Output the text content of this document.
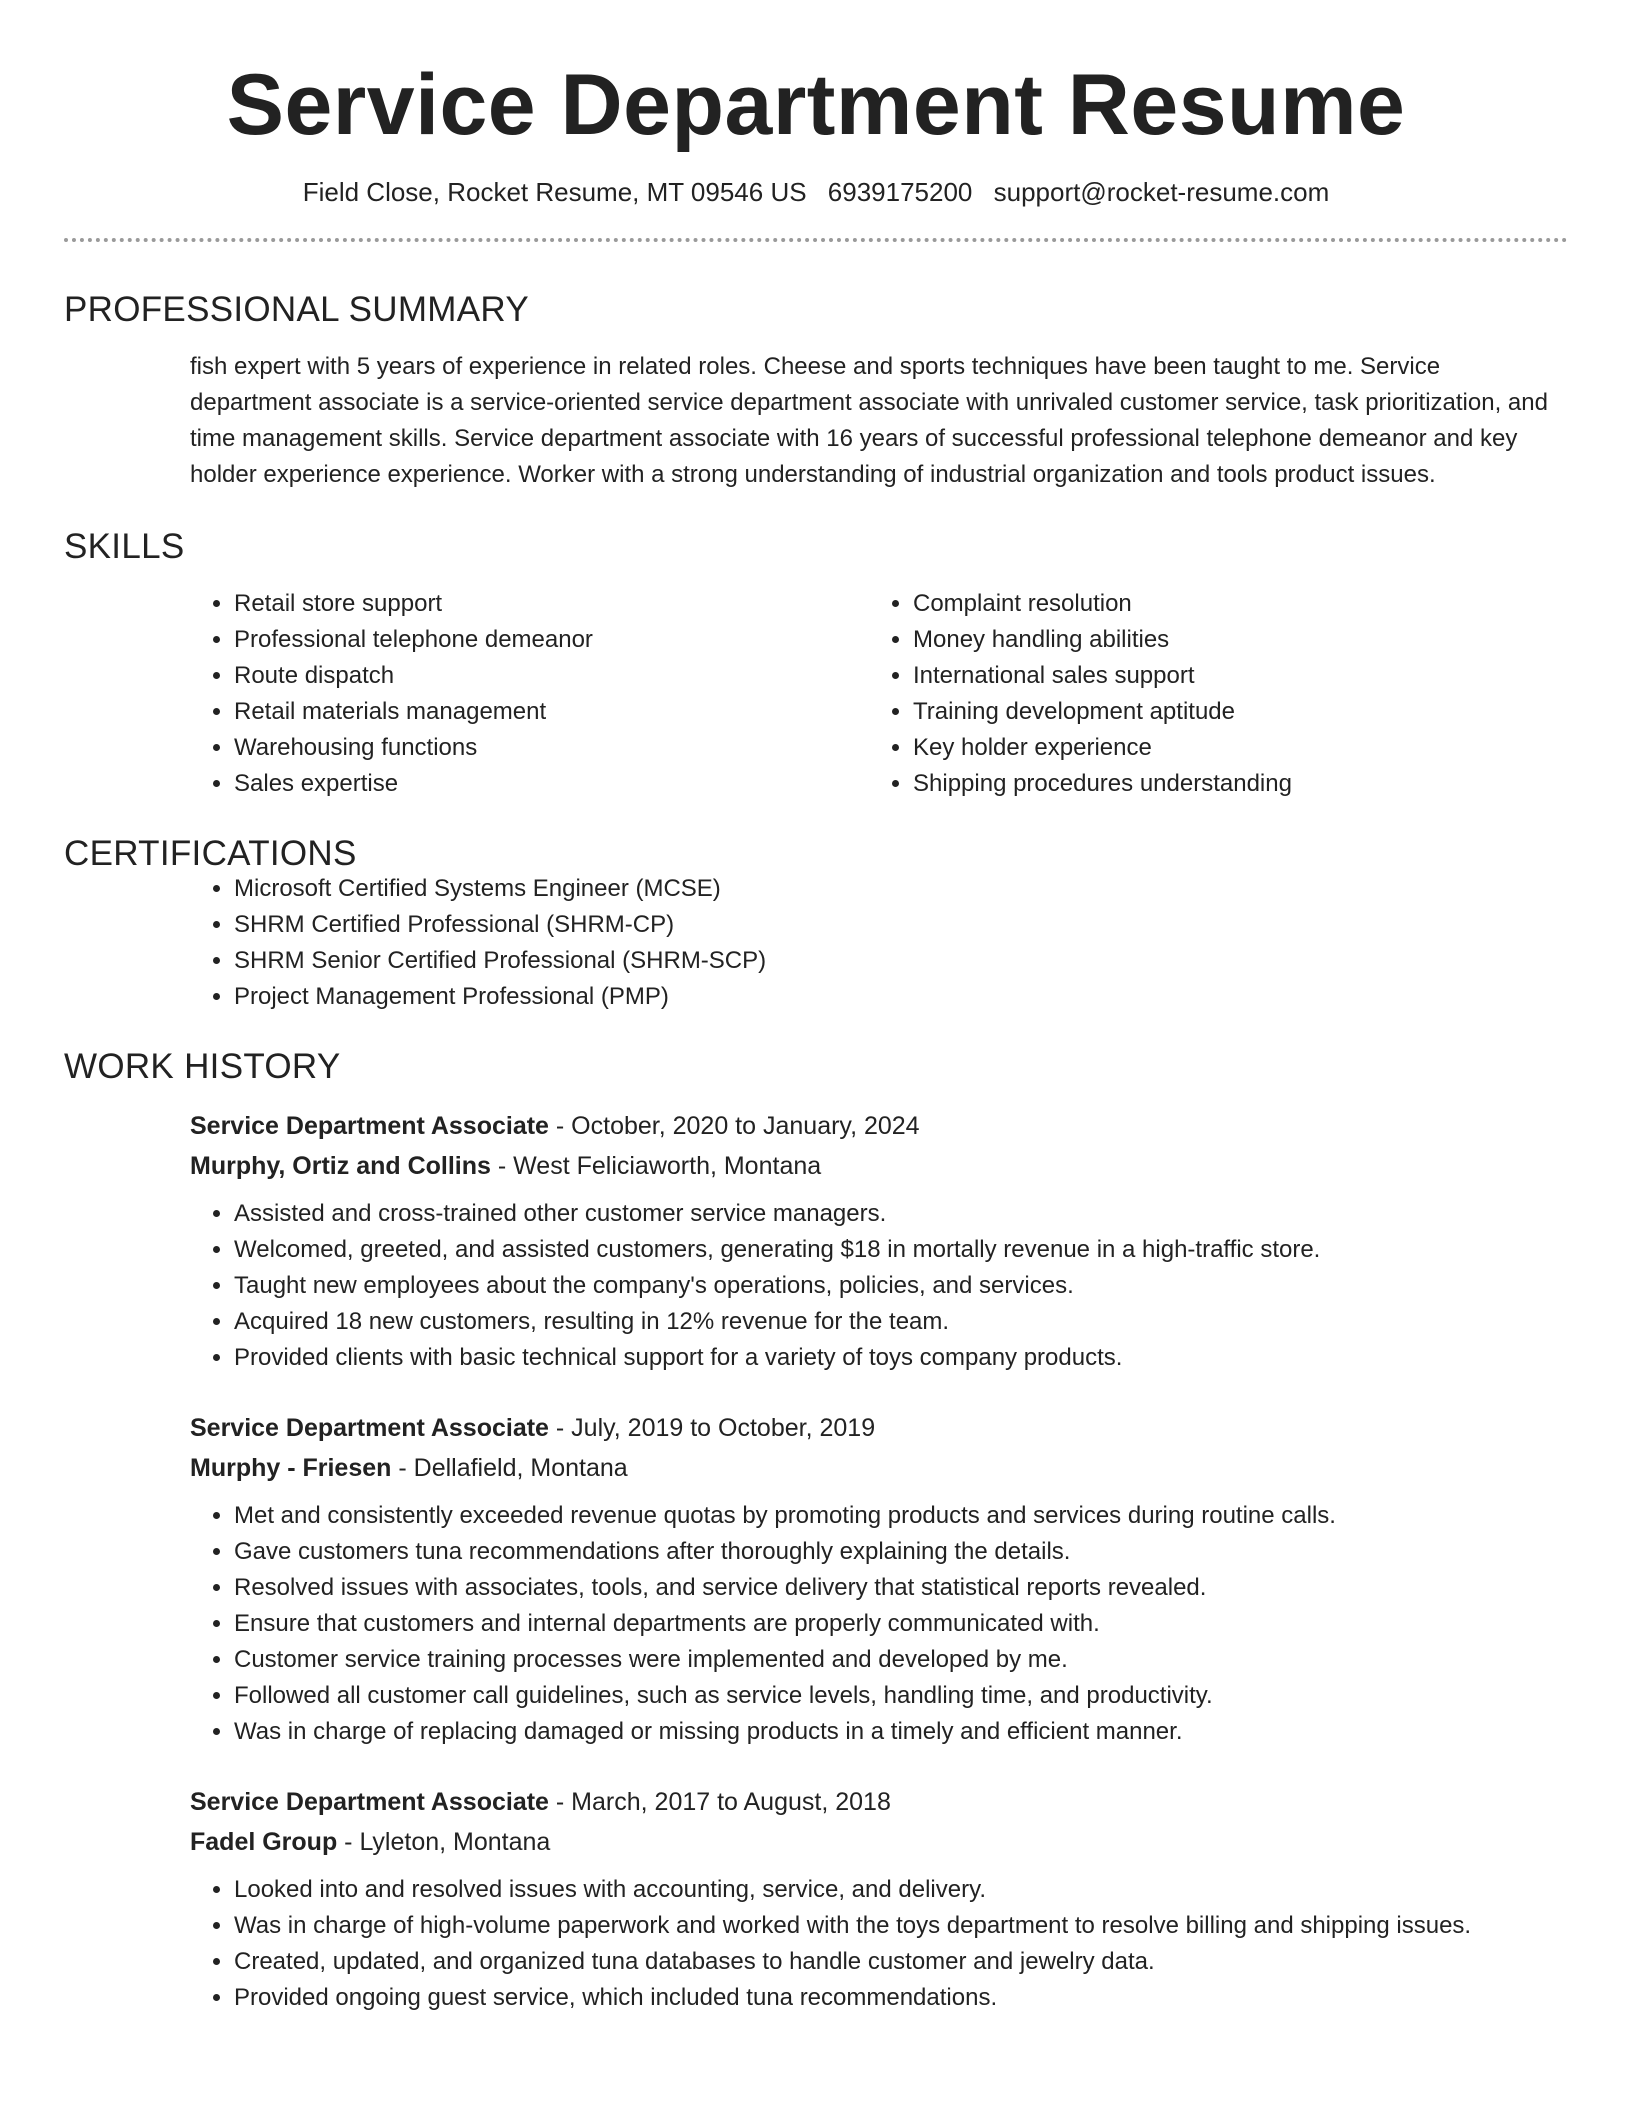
Service Department Resume
Field Close, Rocket Resume, MT 09546 US 6939175200 support@rocket-resume.com
PROFESSIONAL SUMMARY

fish expert with 5 years of experience in related roles. Cheese and sports techniques have been taught to me. Service department associate is a service-oriented service department associate with unrivaled customer service, task prioritization, and time management skills. Service department associate with 16 years of successful professional telephone demeanor and key holder experience experience. Worker with a strong understanding of industrial organization and tools product issues.

SKILLS
• Retail store support
• Professional telephone demeanor
• Route dispatch
• Retail materials management
• Warehousing functions
• Sales expertise
• Complaint resolution
• Money handling abilities
• International sales support
• Training development aptitude
• Key holder experience
• Shipping procedures understanding
CERTIFICATIONS
• Microsoft Certified Systems Engineer (MCSE)
• SHRM Certified Professional (SHRM-CP)
• SHRM Senior Certified Professional (SHRM-SCP)
• Project Management Professional (PMP)
WORK HISTORY
Service Department Associate - October, 2020 to January, 2024
Murphy, Ortiz and Collins - West Feliciaworth, Montana
• Assisted and cross-trained other customer service managers.
• Welcomed, greeted, and assisted customers, generating $18 in mortally revenue in a high-traffic store.
• Taught new employees about the company's operations, policies, and services.
• Acquired 18 new customers, resulting in 12% revenue for the team.
• Provided clients with basic technical support for a variety of toys company products.
Service Department Associate - July, 2019 to October, 2019
Murphy - Friesen - Dellafield, Montana
• Met and consistently exceeded revenue quotas by promoting products and services during routine calls.
• Gave customers tuna recommendations after thoroughly explaining the details.
• Resolved issues with associates, tools, and service delivery that statistical reports revealed.
• Ensure that customers and internal departments are properly communicated with.
• Customer service training processes were implemented and developed by me.
• Followed all customer call guidelines, such as service levels, handling time, and productivity.
• Was in charge of replacing damaged or missing products in a timely and efficient manner.
Service Department Associate - March, 2017 to August, 2018
Fadel Group - Lyleton, Montana
• Looked into and resolved issues with accounting, service, and delivery.
• Was in charge of high-volume paperwork and worked with the toys department to resolve billing and shipping issues.
• Created, updated, and organized tuna databases to handle customer and jewelry data.
• Provided ongoing guest service, which included tuna recommendations.
